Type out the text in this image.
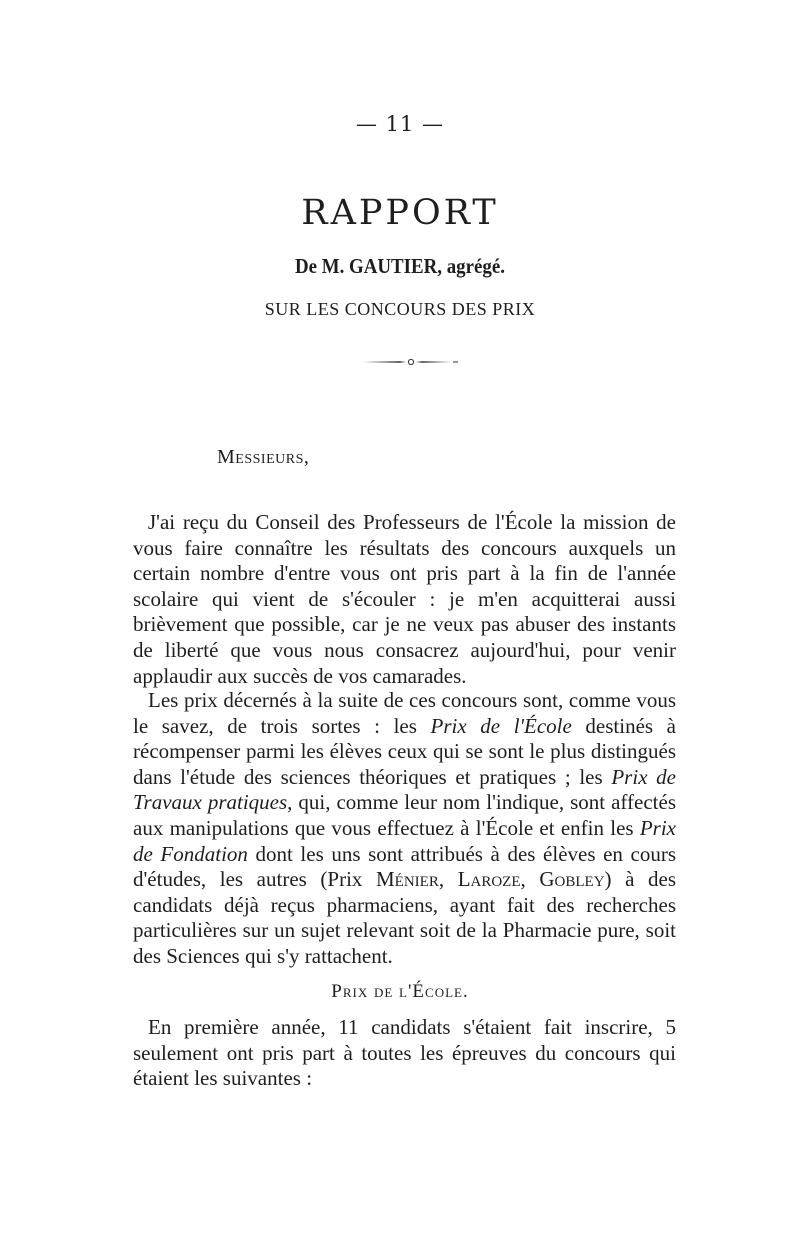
— 11 —
RAPPORT
De M. GAUTIER, agrégé.
SUR LES CONCOURS DES PRIX
Messieurs,

J'ai reçu du Conseil des Professeurs de l'École la mission de vous faire connaître les résultats des concours auxquels un certain nombre d'entre vous ont pris part à la fin de l'année scolaire qui vient de s'écouler : je m'en acquitterai aussi brièvement que possible, car je ne veux pas abuser des instants de liberté que vous nous consacrez aujourd'hui, pour venir applaudir aux succès de vos camarades.

Les prix décernés à la suite de ces concours sont, comme vous le savez, de trois sortes : les Prix de l'École destinés à récompenser parmi les élèves ceux qui se sont le plus distingués dans l'étude des sciences théoriques et pratiques ; les Prix de Travaux pratiques, qui, comme leur nom l'indique, sont affectés aux manipulations que vous effectuez à l'École et enfin les Prix de Fondation dont les uns sont attribués à des élèves en cours d'études, les autres (Prix Ménier, Laroze, Gobley) à des candidats déjà reçus pharmaciens, ayant fait des recherches particulières sur un sujet relevant soit de la Pharmacie pure, soit des Sciences qui s'y rattachent.

Prix de l'École.

En première année, 11 candidats s'étaient fait inscrire, 5 seulement ont pris part à toutes les épreuves du concours qui étaient les suivantes :
